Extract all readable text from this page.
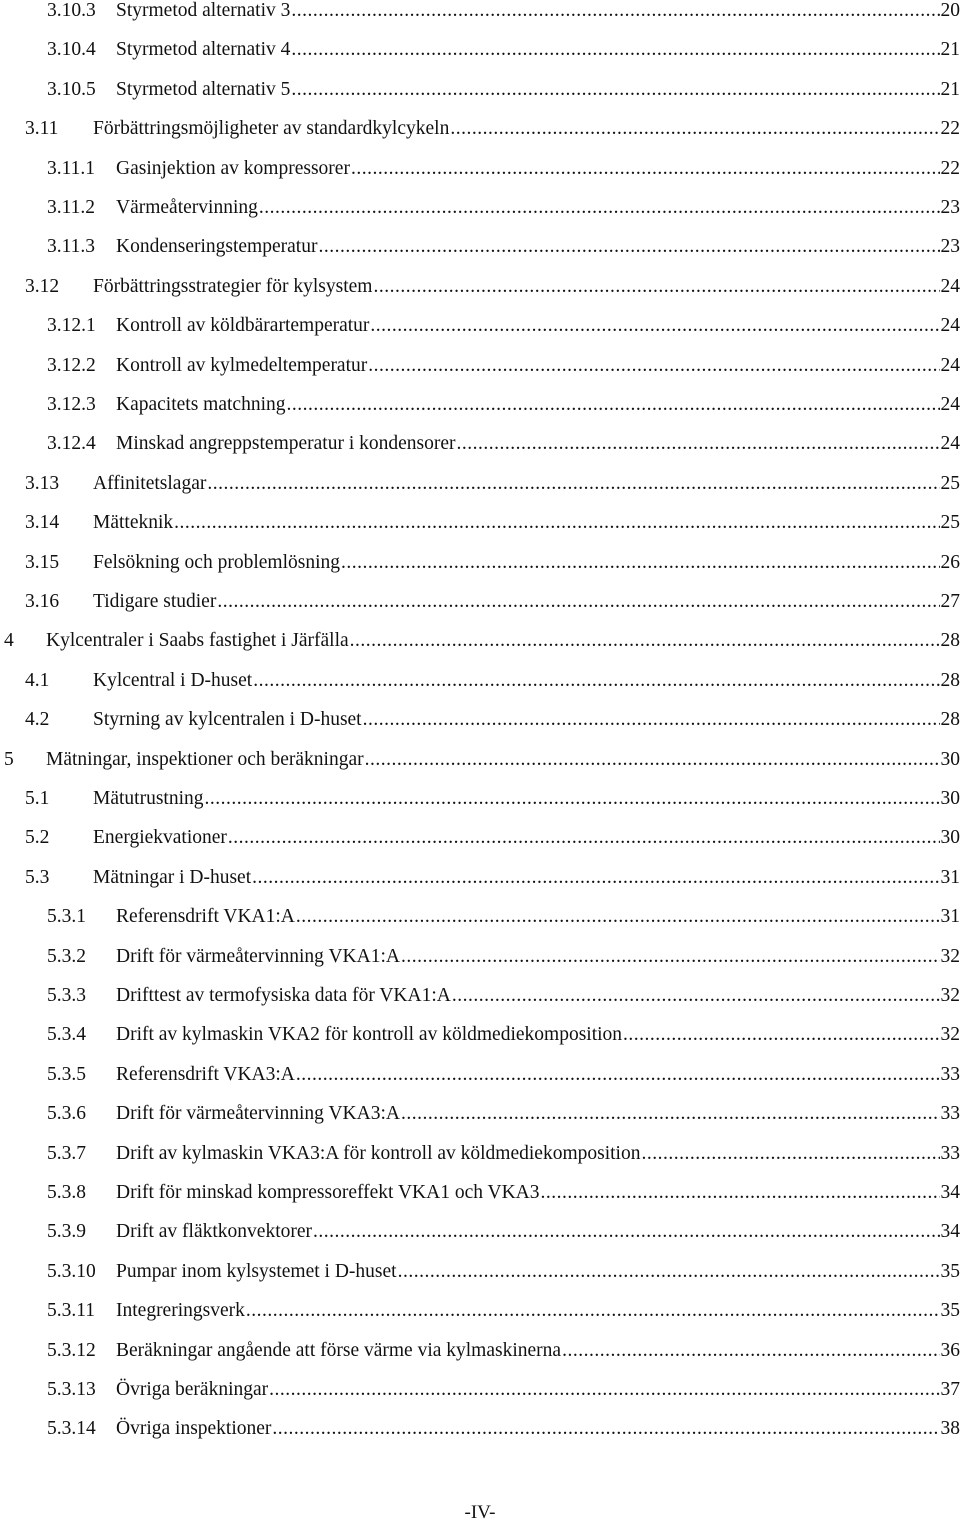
3.10.3 Styrmetod alternativ 3 .....	20
3.10.4 Styrmetod alternativ 4 .....	21
3.10.5 Styrmetod alternativ 5 .....	21
3.11 Förbättringsmöjligheter av standardkylcykeln .....	22
3.11.1 Gasinjektion av kompressorer .....	22
3.11.2 Värmeåtervinning .....	23
3.11.3 Kondenseringstemperatur .....	23
3.12 Förbättringsstrategier för kylsystem .....	24
3.12.1 Kontroll av köldbärartemperatur .....	24
3.12.2 Kontroll av kylmedeltemperatur .....	24
3.12.3 Kapacitets matchning .....	24
3.12.4 Minskad angreppstemperatur i kondensorer .....	24
3.13 Affinitetslagar .....	25
3.14 Mätteknik .....	25
3.15 Felsökning och problemlösning .....	26
3.16 Tidigare studier .....	27
4 Kylcentraler i Saabs fastighet i Järfälla .....	28
4.1 Kylcentral i D-huset .....	28
4.2 Styrning av kylcentralen i D-huset .....	28
5 Mätningar, inspektioner och beräkningar .....	30
5.1 Mätutrustning .....	30
5.2 Energiekvationer .....	30
5.3 Mätningar i D-huset .....	31
5.3.1 Referensdrift VKA1:A .....	31
5.3.2 Drift för värmeåtervinning VKA1:A .....	32
5.3.3 Drifttest av termofysiska data för VKA1:A .....	32
5.3.4 Drift av kylmaskin VKA2 för kontroll av köldmediekomposition .....	32
5.3.5 Referensdrift VKA3:A .....	33
5.3.6 Drift för värmeåtervinning VKA3:A .....	33
5.3.7 Drift av kylmaskin VKA3:A för kontroll av köldmediekomposition .....	33
5.3.8 Drift för minskad kompressoreffekt VKA1 och VKA3 .....	34
5.3.9 Drift av fläktkonvektorer .....	34
5.3.10 Pumpar inom kylsystemet i D-huset .....	35
5.3.11 Integreringsverk .....	35
5.3.12 Beräkningar angående att förse värme via kylmaskinerna .....	36
5.3.13 Övriga beräkningar .....	37
5.3.14 Övriga inspektioner .....	38
-IV-
